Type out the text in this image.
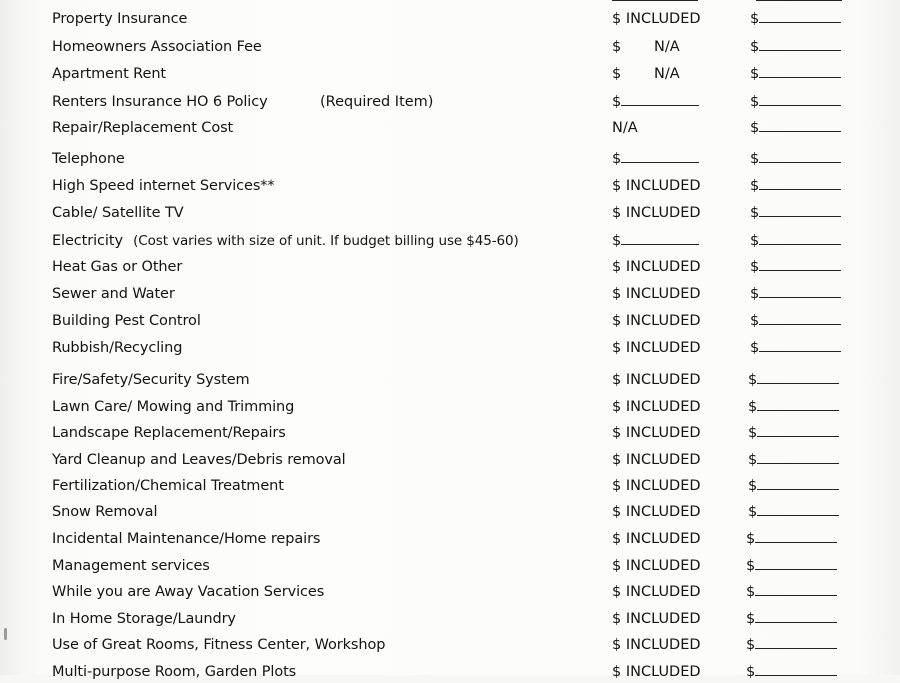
Property Insurance	$ INCLUDED	$
Homeowners Association Fee	$ N/A	$
Apartment Rent	$ N/A	$
Renters Insurance HO 6 Policy	(Required Item)	$	$
Repair/Replacement Cost	N/A	$
Telephone	$	$
High Speed internet Services**	$ INCLUDED	$
Cable/ Satellite TV	$ INCLUDED	$
Electricity (Cost varies with size of unit. If budget billing use $45-60)	$	$
Heat Gas or Other	$ INCLUDED	$
Sewer and Water	$ INCLUDED	$
Building Pest Control	$ INCLUDED	$
Rubbish/Recycling	$ INCLUDED	$
Fire/Safety/Security System	$ INCLUDED	$
Lawn Care/ Mowing and Trimming	$ INCLUDED	$
Landscape Replacement/Repairs	$ INCLUDED	$
Yard Cleanup and Leaves/Debris removal	$ INCLUDED	$
Fertilization/Chemical Treatment	$ INCLUDED	$
Snow Removal	$ INCLUDED	$
Incidental Maintenance/Home repairs	$ INCLUDED	$
Management services	$ INCLUDED	$
While you are Away Vacation Services	$ INCLUDED	$
In Home Storage/Laundry	$ INCLUDED	$
Use of Great Rooms, Fitness Center, Workshop	$ INCLUDED	$
Multi-purpose Room, Garden Plots	$ INCLUDED	$
